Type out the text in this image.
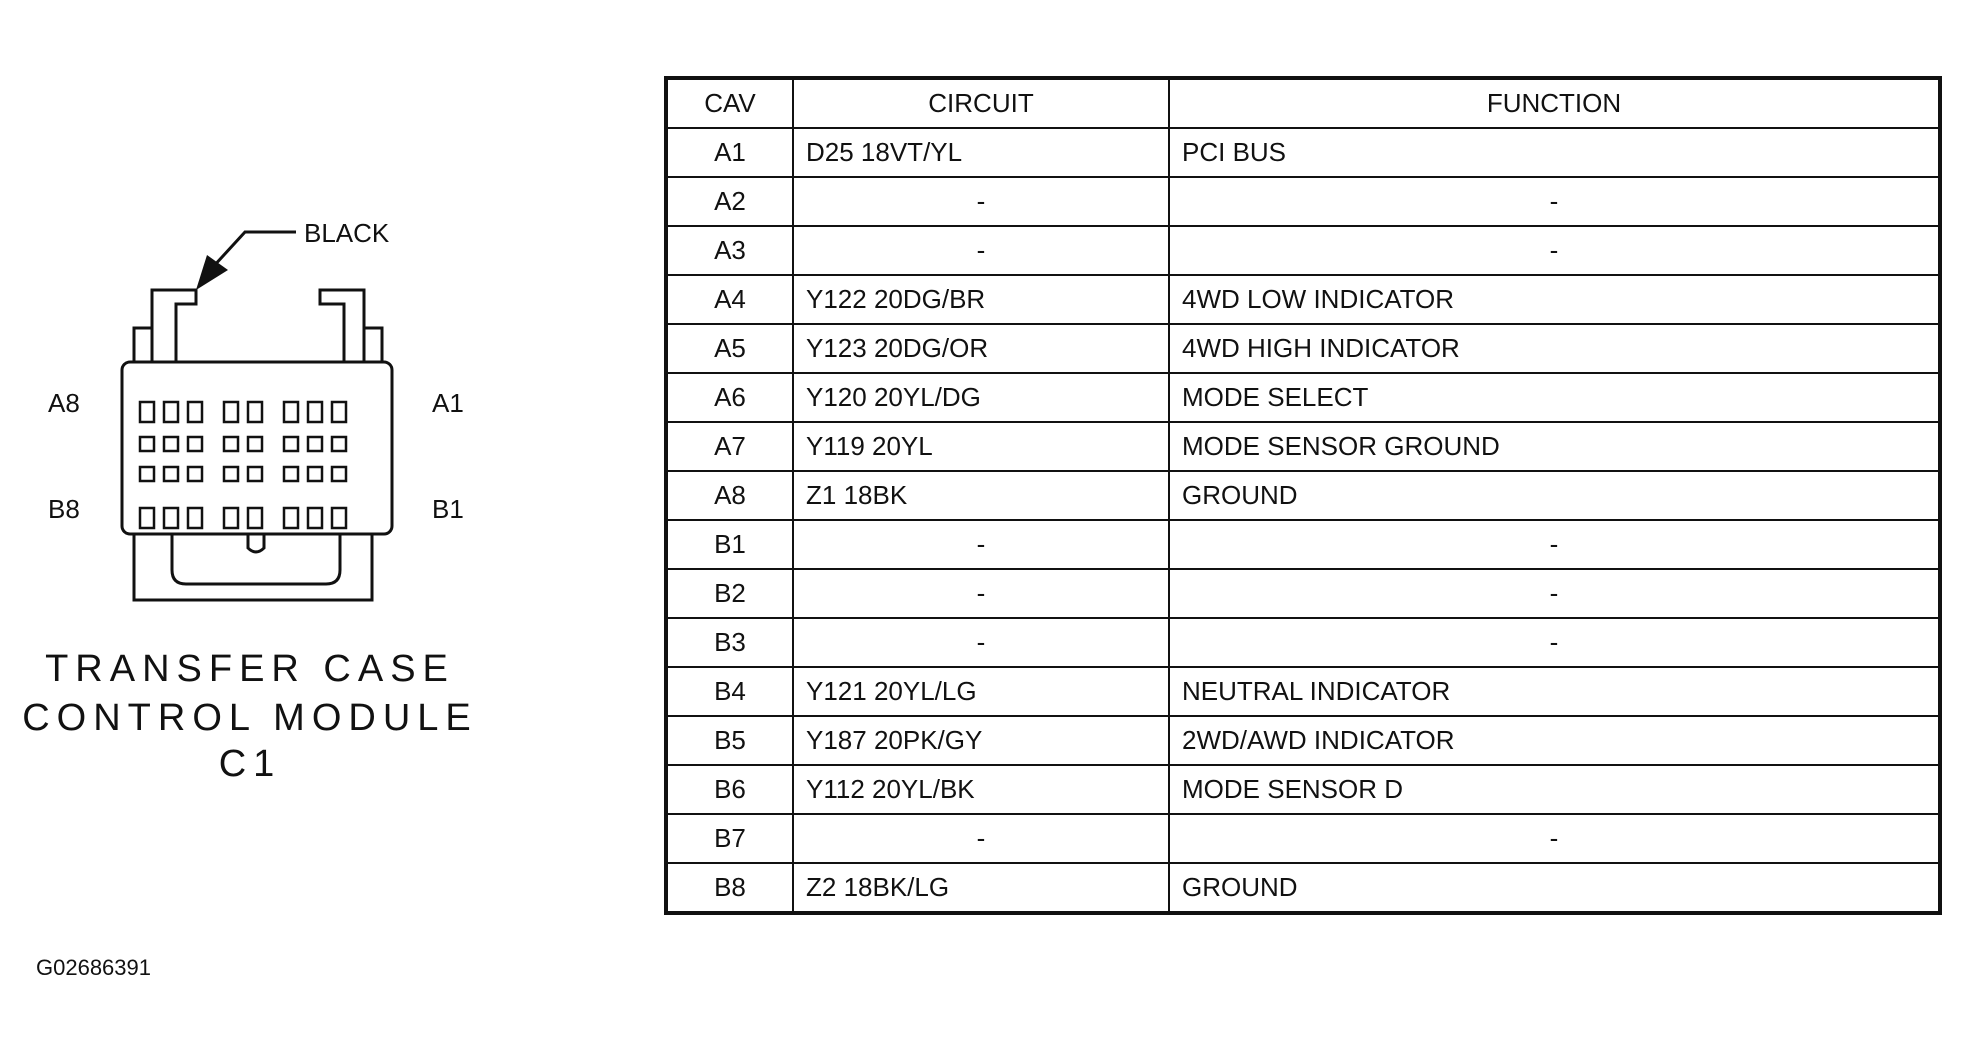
BLACK
A8
B8
A1
B1
TRANSFER CASE
CONTROL MODULE C1
G02686391
CAV	CIRCUIT	FUNCTION
A1	D25 18VT/YL	PCI BUS
A2	-	-
A3	-	-
A4	Y122 20DG/BR	4WD LOW INDICATOR
A5	Y123 20DG/OR	4WD HIGH INDICATOR
A6	Y120 20YL/DG	MODE SELECT
A7	Y119 20YL	MODE SENSOR GROUND
A8	Z1 18BK	GROUND
B1	-	-
B2	-	-
B3	-	-
B4	Y121 20YL/LG	NEUTRAL INDICATOR
B5	Y187 20PK/GY	2WD/AWD INDICATOR
B6	Y112 20YL/BK	MODE SENSOR D
B7	-	-
B8	Z2 18BK/LG	GROUND
